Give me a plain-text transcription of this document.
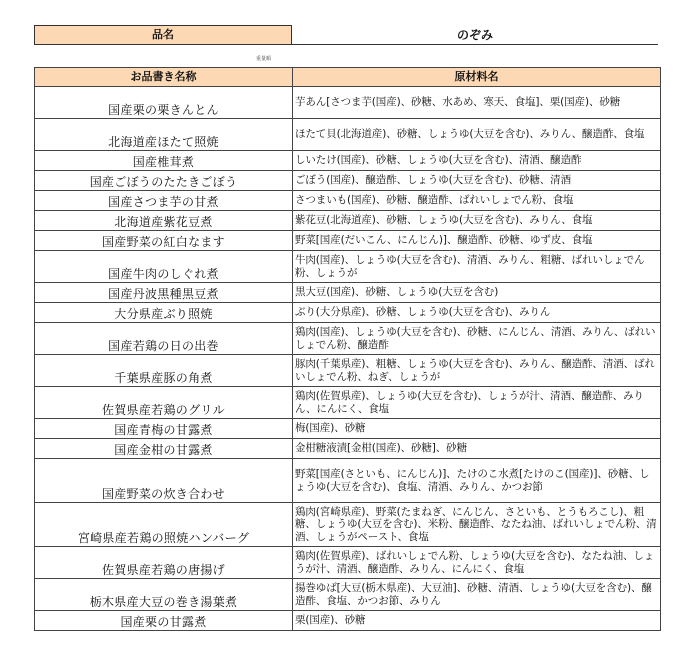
品名	のぞみ
重量順
お品書き名称	原材料名
国産栗の栗きんとん	芋あん[さつま芋(国産)、砂糖、水あめ、寒天、食塩]、栗(国産)、砂糖
北海道産ほたて照焼	ほたて貝(北海道産)、砂糖、しょうゆ(大豆を含む)、みりん、醸造酢、食塩
国産椎茸煮	しいたけ(国産)、砂糖、しょうゆ(大豆を含む)、清酒、醸造酢
国産ごぼうのたたきごぼう	ごぼう(国産)、醸造酢、しょうゆ(大豆を含む)、砂糖、清酒
国産さつま芋の甘煮	さつまいも(国産)、砂糖、醸造酢、ばれいしょでん粉、食塩
北海道産紫花豆煮	紫花豆(北海道産)、砂糖、しょうゆ(大豆を含む)、みりん、食塩
国産野菜の紅白なます	野菜[国産(だいこん、にんじん)]、醸造酢、砂糖、ゆず皮、食塩
国産牛肉のしぐれ煮	牛肉(国産)、しょうゆ(大豆を含む)、清酒、みりん、粗糖、ばれいしょでん粉、しょうが
国産丹波黒種黒豆煮	黒大豆(国産)、砂糖、しょうゆ(大豆を含む)
大分県産ぶり照焼	ぶり(大分県産)、砂糖、しょうゆ(大豆を含む)、みりん
国産若鶏の日の出巻	鶏肉(国産)、しょうゆ(大豆を含む)、砂糖、にんじん、清酒、みりん、ばれいしょでん粉、醸造酢
千葉県産豚の角煮	豚肉(千葉県産)、粗糖、しょうゆ(大豆を含む)、みりん、醸造酢、清酒、ばれいしょでん粉、ねぎ、しょうが
佐賀県産若鶏のグリル	鶏肉(佐賀県産)、しょうゆ(大豆を含む)、しょうが汁、清酒、醸造酢、みりん、にんにく、食塩
国産青梅の甘露煮	梅(国産)、砂糖
国産金柑の甘露煮	金柑糖液漬[金柑(国産)、砂糖]、砂糖
国産野菜の炊き合わせ	野菜[国産(さといも、にんじん)]、たけのこ水煮[たけのこ(国産)]、砂糖、しょうゆ(大豆を含む)、食塩、清酒、みりん、かつお節
宮崎県産若鶏の照焼ハンバーグ	鶏肉(宮崎県産)、野菜(たまねぎ、にんじん、さといも、とうもろこし)、粗糖、しょうゆ(大豆を含む)、米粉、醸造酢、なたね油、ばれいしょでん粉、清酒、しょうがペースト、食塩
佐賀県産若鶏の唐揚げ	鶏肉(佐賀県産)、ばれいしょでん粉、しょうゆ(大豆を含む)、なたね油、しょうが汁、清酒、醸造酢、みりん、にんにく、食塩
栃木県産大豆の巻き湯葉煮	揚巻ゆば[大豆(栃木県産)、大豆油]、砂糖、清酒、しょうゆ(大豆を含む)、醸造酢、食塩、かつお節、みりん
国産栗の甘露煮	栗(国産)、砂糖
